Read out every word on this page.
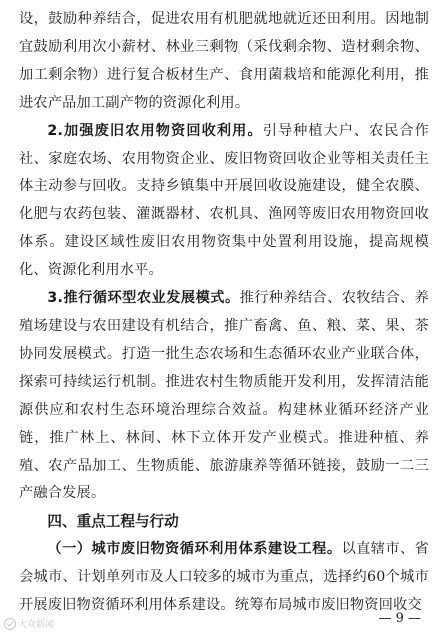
设，鼓励种养结合，促进农用有机肥就地就近还田利用。因地制宜鼓励利用次小薪材、林业三剩物（采伐剩余物、造材剩余物、加工剩余物）进行复合板材生产、食用菌栽培和能源化利用，推进农产品加工副产物的资源化利用。

2.加强废旧农用物资回收利用。引导种植大户、农民合作社、家庭农场、农用物资企业、废旧物资回收企业等相关责任主体主动参与回收。支持乡镇集中开展回收设施建设，健全农膜、化肥与农药包装、灌溉器材、农机具、渔网等废旧农用物资回收体系。建设区域性废旧农用物资集中处置利用设施，提高规模化、资源化利用水平。

3.推行循环型农业发展模式。推行种养结合、农牧结合、养殖场建设与农田建设有机结合，推广畜禽、鱼、粮、菜、果、茶协同发展模式。打造一批生态农场和生态循环农业产业联合体，探索可持续运行机制。推进农村生物质能开发利用，发挥清洁能源供应和农村生态环境治理综合效益。构建林业循环经济产业链，推广林上、林间、林下立体开发产业模式。推进种植、养殖、农产品加工、生物质能、旅游康养等循环链接，鼓励一二三产融合发展。

四、重点工程与行动

（一）城市废旧物资循环利用体系建设工程。以直辖市、省会城市、计划单列市及人口较多的城市为重点，选择约60个城市开展废旧物资循环利用体系建设。统筹布局城市废旧物资回收交

— 9 —
大众新闻
